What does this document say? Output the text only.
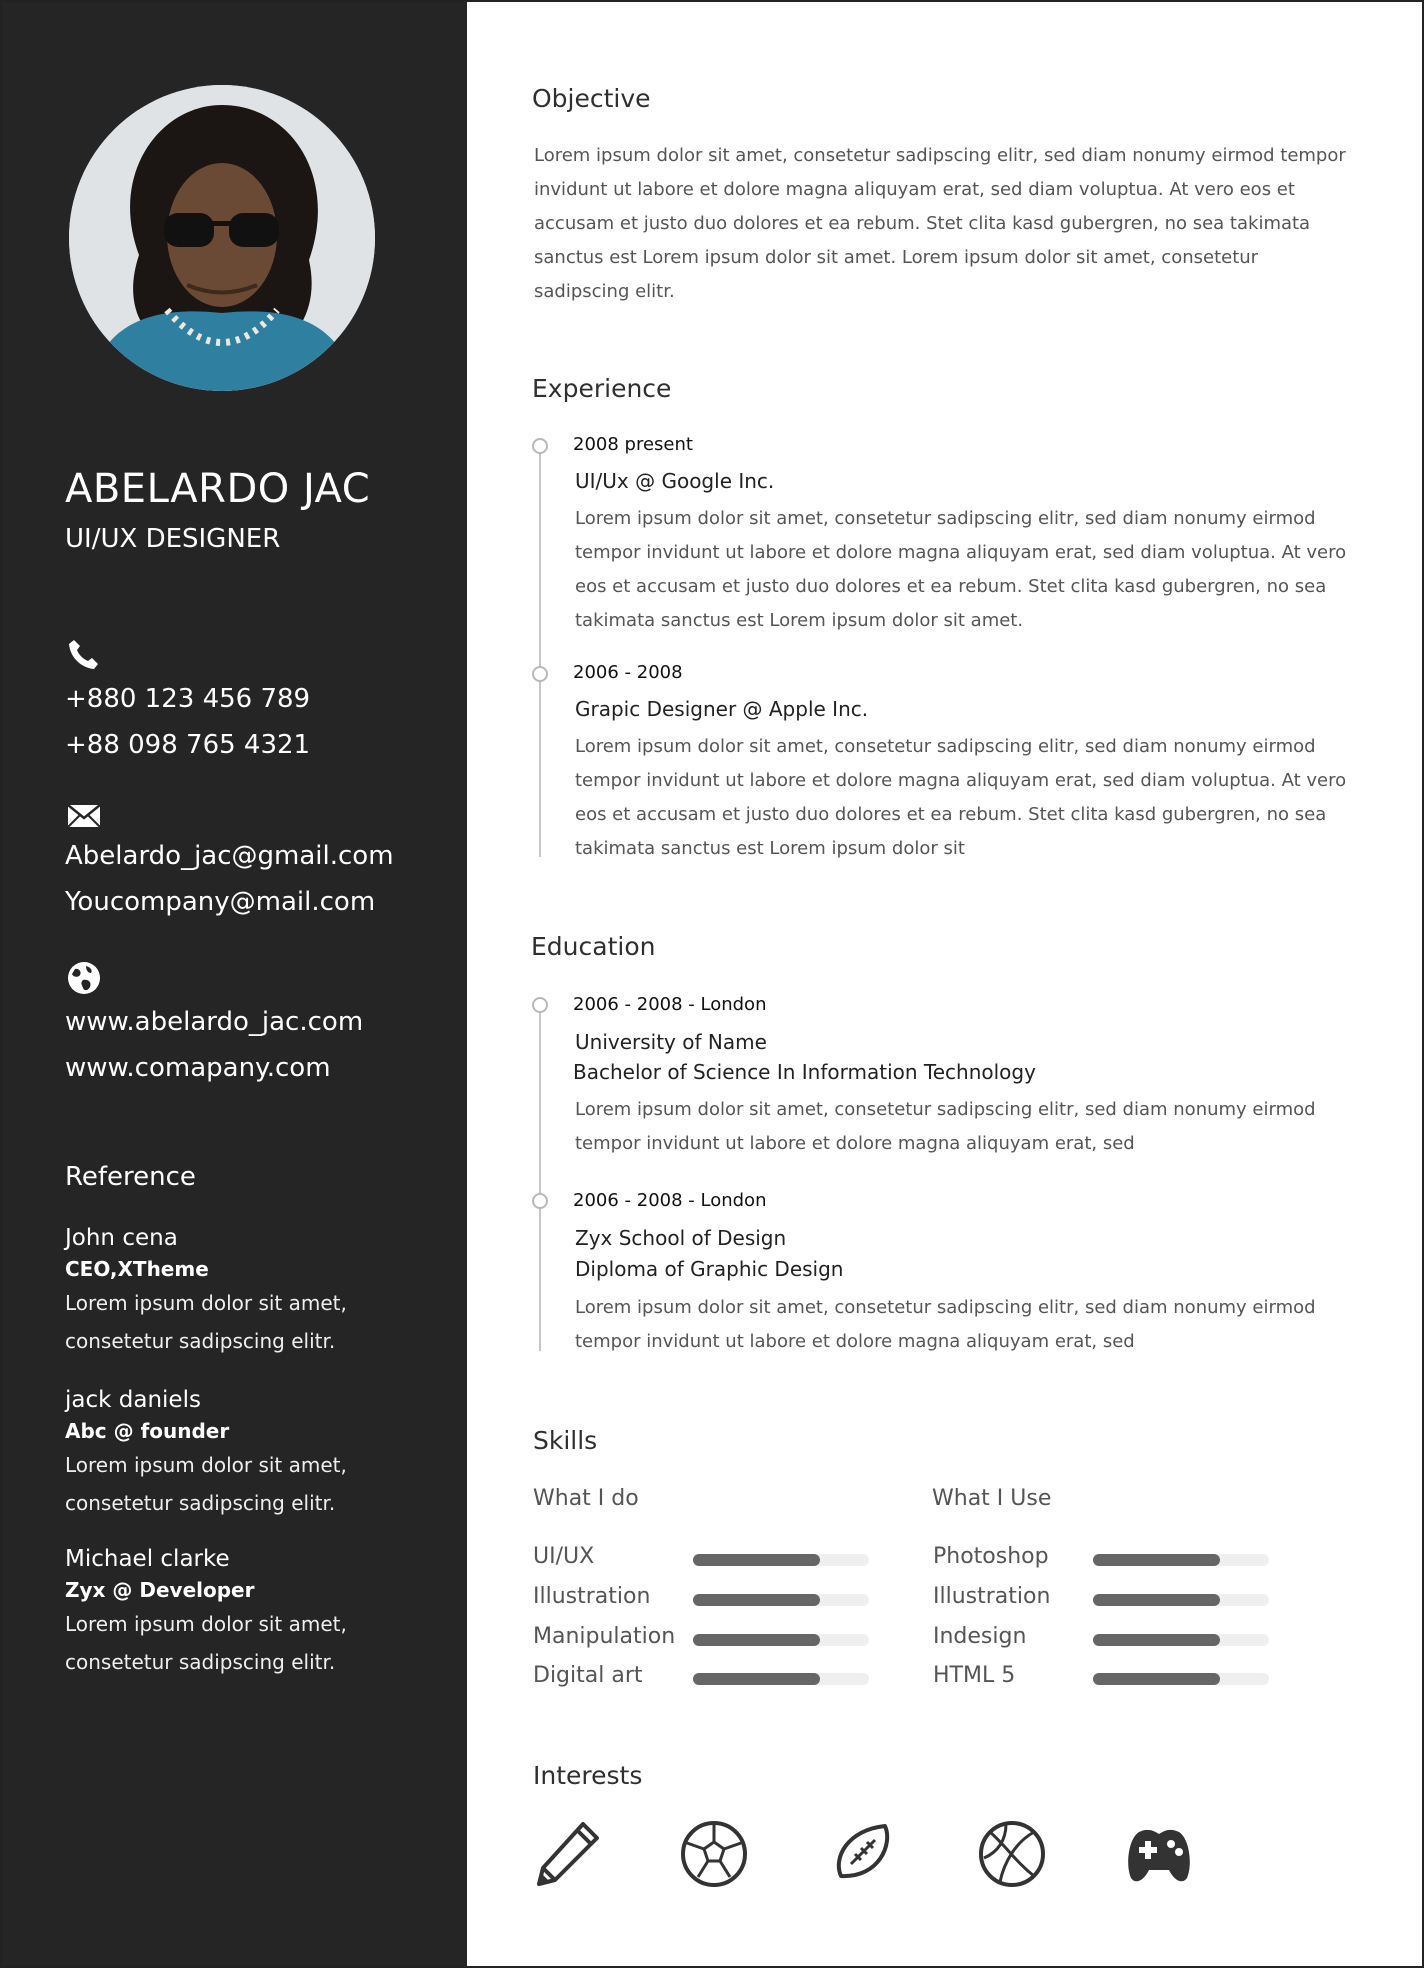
ABELARDO JAC
UI/UX DESIGNER
+880 123 456 789
+88 098 765 4321
Abelardo_jac@gmail.com
Youcompany@mail.com
www.abelardo_jac.com
www.comapany.com
Reference
John cena
CEO,XTheme
Lorem ipsum dolor sit amet,
consetetur sadipscing elitr.
jack daniels
Abc @ founder
Lorem ipsum dolor sit amet,
consetetur sadipscing elitr.
Michael clarke
Zyx @ Developer
Lorem ipsum dolor sit amet,
consetetur sadipscing elitr.
Objective
Lorem ipsum dolor sit amet, consetetur sadipscing elitr, sed diam nonumy eirmod tempor
invidunt ut labore et dolore magna aliquyam erat, sed diam voluptua. At vero eos et
accusam et justo duo dolores et ea rebum. Stet clita kasd gubergren, no sea takimata
sanctus est Lorem ipsum dolor sit amet. Lorem ipsum dolor sit amet, consetetur
sadipscing elitr.
Experience
2008 present
UI/Ux @ Google Inc.
Lorem ipsum dolor sit amet, consetetur sadipscing elitr, sed diam nonumy eirmod
tempor invidunt ut labore et dolore magna aliquyam erat, sed diam voluptua. At vero
eos et accusam et justo duo dolores et ea rebum. Stet clita kasd gubergren, no sea
takimata sanctus est Lorem ipsum dolor sit amet.
2006 - 2008
Grapic Designer @ Apple Inc.
Lorem ipsum dolor sit amet, consetetur sadipscing elitr, sed diam nonumy eirmod
tempor invidunt ut labore et dolore magna aliquyam erat, sed diam voluptua. At vero
eos et accusam et justo duo dolores et ea rebum. Stet clita kasd gubergren, no sea
takimata sanctus est Lorem ipsum dolor sit
Education
2006 - 2008 - London
University of Name
Bachelor of Science In Information Technology
Lorem ipsum dolor sit amet, consetetur sadipscing elitr, sed diam nonumy eirmod
tempor invidunt ut labore et dolore magna aliquyam erat, sed
2006 - 2008 - London
Zyx School of Design
Diploma of Graphic Design
Lorem ipsum dolor sit amet, consetetur sadipscing elitr, sed diam nonumy eirmod
tempor invidunt ut labore et dolore magna aliquyam erat, sed
Skills
What I do	What I Use
UI/UX
Illustration
Manipulation
Digital art
Photoshop
Illustration
Indesign
HTML 5
Interests
